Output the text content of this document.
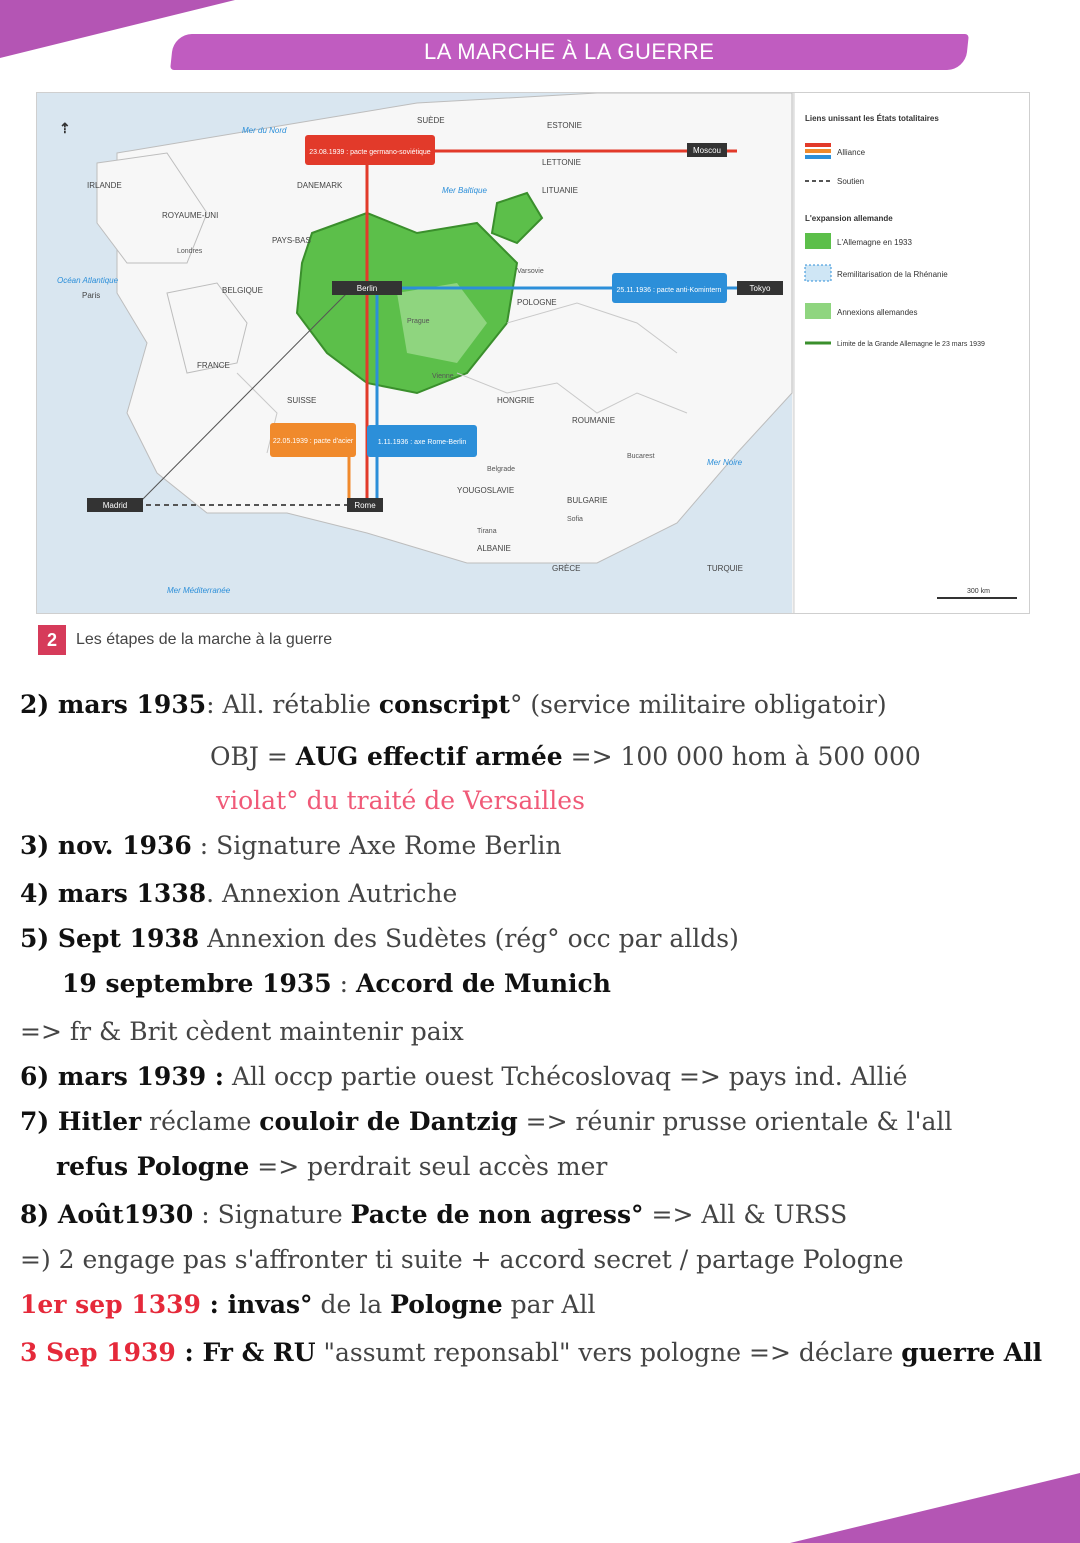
LA MARCHE À LA GUERRE
23.08.1939 : pacte germano-soviétique
25.11.1936 : pacte anti-Komintern
22.05.1939 : pacte d'acier	1.11.1936 : axe Rome-Berlin
Berlin
Moscou
Tokyo
Rome
Madrid
FRANCE
POLOGNE
ROUMANIE
YOUGOSLAVIE
BULGARIE
GRÈCE	TURQUIE
ALBANIE
HONGRIE
SUISSE
BELGIQUE
IRLANDE
ROYAUME-UNI
DANEMARK
SUÈDE
LETTONIE
LITUANIE
ESTONIE
PAYS-BAS
Paris
Océan Atlantique
Mer du Nord
Mer Baltique
Mer Noire
Mer Méditerranée
Londres
Varsovie
Vienne
Prague
Belgrade
Bucarest
Sofia
Tirana
⇡
Liens unissant les États totalitaires
Alliance
Soutien
L'expansion allemande
L'Allemagne en 1933
Remilitarisation de la Rhénanie
Annexions allemandes
Limite de la Grande Allemagne le 23 mars 1939
300 km
2	Les étapes de la marche à la guerre
2) mars 1935: All. rétablie conscript° (service militaire obligatoir)
OBJ = AUG effectif armée => 100 000 hom à 500 000
violat° du traité de Versailles
3) nov. 1936 : Signature Axe Rome Berlin
4) mars 1338. Annexion Autriche
5) Sept 1938 Annexion des Sudètes (rég° occ par allds)
19 septembre 1935 : Accord de Munich
=> fr & Brit cèdent maintenir paix
6) mars 1939 : All occp partie ouest Tchécoslovaq => pays ind. Allié
7) Hitler réclame couloir de Dantzig => réunir prusse orientale & l'all
refus Pologne => perdrait seul accès mer
8) Août1930 : Signature Pacte de non agress° => All & URSS
=) 2 engage pas s'affronter ti suite + accord secret / partage Pologne
1er sep 1339 : invas° de la Pologne par All
3 Sep 1939 : Fr & RU "assumt reponsabl" vers pologne => déclare guerre All
